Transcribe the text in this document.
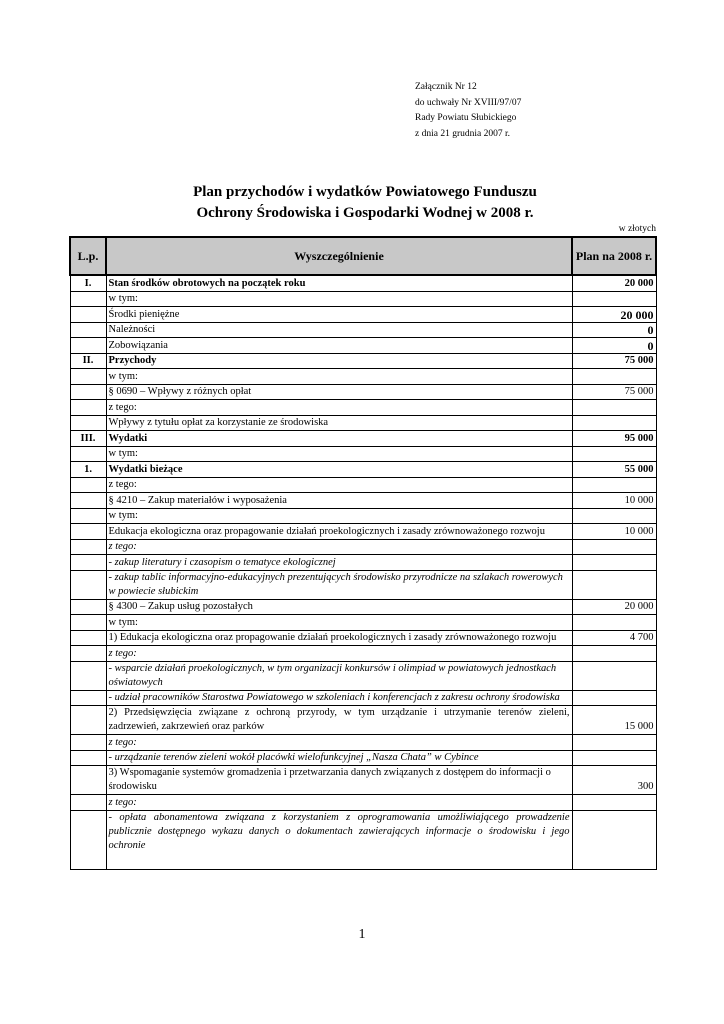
Załącznik Nr 12
do uchwały Nr XVIII/97/07
Rady Powiatu Słubickiego
z dnia 21 grudnia 2007 r.
Plan przychodów i wydatków Powiatowego Funduszu
Ochrony Środowiska i Gospodarki Wodnej w 2008 r.
w złotych
L.p.	Wyszczególnienie	Plan na 2008 r.
I.	Stan środków obrotowych na początek roku	20 000
	w tym:	
	Środki pieniężne	20 000
	Należności	0
	Zobowiązania	0
II.	Przychody	75 000
	w tym:	
	§ 0690 – Wpływy z różnych opłat	75 000
	z tego:	
	Wpływy z tytułu opłat za korzystanie ze środowiska	
III.	Wydatki	95 000
	w tym:	
1.	Wydatki bieżące	55 000
	z tego:	
	§ 4210 – Zakup materiałów i wyposażenia	10 000
	w tym:	
	Edukacja ekologiczna oraz propagowanie działań proekologicznych i zasady zrównoważonego rozwoju	10 000
	z tego:	
	- zakup literatury i czasopism o tematyce ekologicznej	
	- zakup tablic informacyjno-edukacyjnych prezentujących środowisko przyrodnicze na szlakach rowerowych w powiecie słubickim	
	§ 4300 – Zakup usług pozostałych	20 000
	w tym:	
	1) Edukacja ekologiczna oraz propagowanie działań proekologicznych i zasady zrównoważonego rozwoju	4 700
	z tego:	
	- wsparcie działań proekologicznych, w tym organizacji konkursów i olimpiad w powiatowych jednostkach oświatowych	
	- udział pracowników Starostwa Powiatowego w szkoleniach i konferencjach z zakresu ochrony środowiska	
	2) Przedsięwzięcia związane z ochroną przyrody, w tym urządzanie i utrzymanie terenów zieleni, zadrzewień, zakrzewień oraz parków	15 000
	z tego:	
	- urządzanie terenów zieleni wokół placówki wielofunkcyjnej „Nasza Chata” w Cybince	
	3) Wspomaganie systemów gromadzenia i przetwarzania danych związanych z dostępem do informacji o środowisku	300
	z tego:	
	- opłata abonamentowa związana z korzystaniem z oprogramowania umożliwiającego prowadzenie publicznie dostępnego wykazu danych o dokumentach zawierających informacje o środowisku i jego ochronie	
1
